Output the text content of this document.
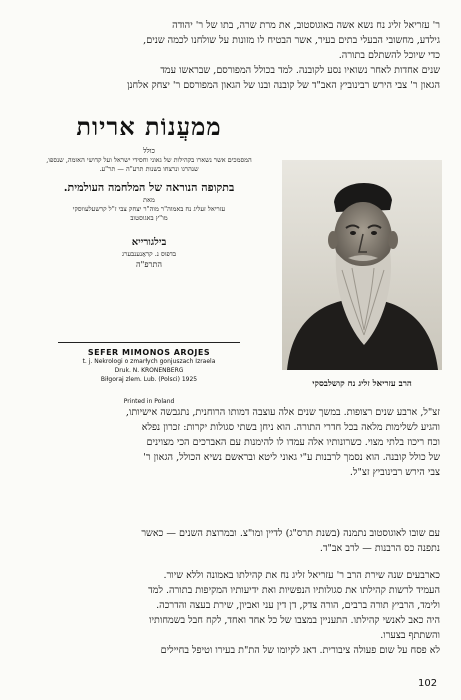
ר' עזריאל זליג נח נשא אשה באוגוסטוב, את מרת שרה, בתו של ר' יהודה
גילדע, מחשובי הבעלי בתים בעיר, אשר הבטיח לו מזונות על שולחנו לכמה שנים,
כדי שיוכל להשתלם בתורה.
שנים אחדות לאחר נשואיו נסע לקובנה. למד בכולל המפורסם, שבראשו עמד
הגאון ר' צבי הירש רבינוביץ האב"ד של קובנה ובנו של הגאון המפורסם ר' יצחק אלחנן
ממעֲנוֹת אריות
כולל
המסמכים אשר נשארו בקהילות של גאוני וחסידי ישראל ועל קדושי האומה, שנספו, שנהרגו ונרצחו בשנות תרע"ה — תר"ע.
בתקופה הנוראה של המלחמה העולמית.
מאת
עזריאל זעליג נח באמוה"ר מוה"ר יצחק צבי ז"ל קרשעלעווסקי
מו"ץ באגוסטוב
בילגורייא
בדפוס נ. קראָנענבערג
התרפ"ה
SEFER MIMONOS AROJES
t. j. Nekrologi o zmarłych gonjuszach Izraela
Druk. N. KRONENBERG
Biłgoraj zlem. Lub. (Polsci) 1925
Printed in Poland
הרב עזריאל זליג נח קושלבסקי
זצ"ל, ארבע שנים רצופות. במשך שנים אלה עוצבה דמותו הרוחנית, נתגבשה אישיותו,
והגיע לשלימות מלאה בכל חדרי התורה. הוא ניחן בשתי סגולות יקרות: זכרון נפלא
וכח ריכוז בלתי מצוי. כשרונותיו אלה עמדו לו להימנות עם האברכים הכי מצוינים
של כולל קובנה. הוא נסמך לרבנות ע"י גאוני ליטא ובראשם נשיא הכולל, הגאון ר'
צבי הירש רבינוביץ זצ"ל.
עם שובו לאוגוסטוב נתמנה (בשנת תרס"ג) לדיין ומו"צ. ובמרוצת השנים — כאשר
נתפנה כס הרבנות — לרב אב"ד.
כארבעים שנה שירת הרב ר' עזריאל זליג נח את קהילתו באמונה וללא שיור.
העמיד לרשות קהילתו את סגולותיו הנפשיות ואת ידיעותיו המקיפות בתורה. למד
ולימד, הרביץ תורה ברבים, הורה צדק, דן דין עני ואביון, שירת בעצה והדרכה.
היה כאב לאנשי קהילתו. התעניין במצבו של כל אחד ואחד, לקח חבל בשמחותיו
והשתתף בצערו.
לא פסח על שום פעולה ציבורית. דאג לקיומו של הת"ת בעירו וטיפל בחיילים
102
